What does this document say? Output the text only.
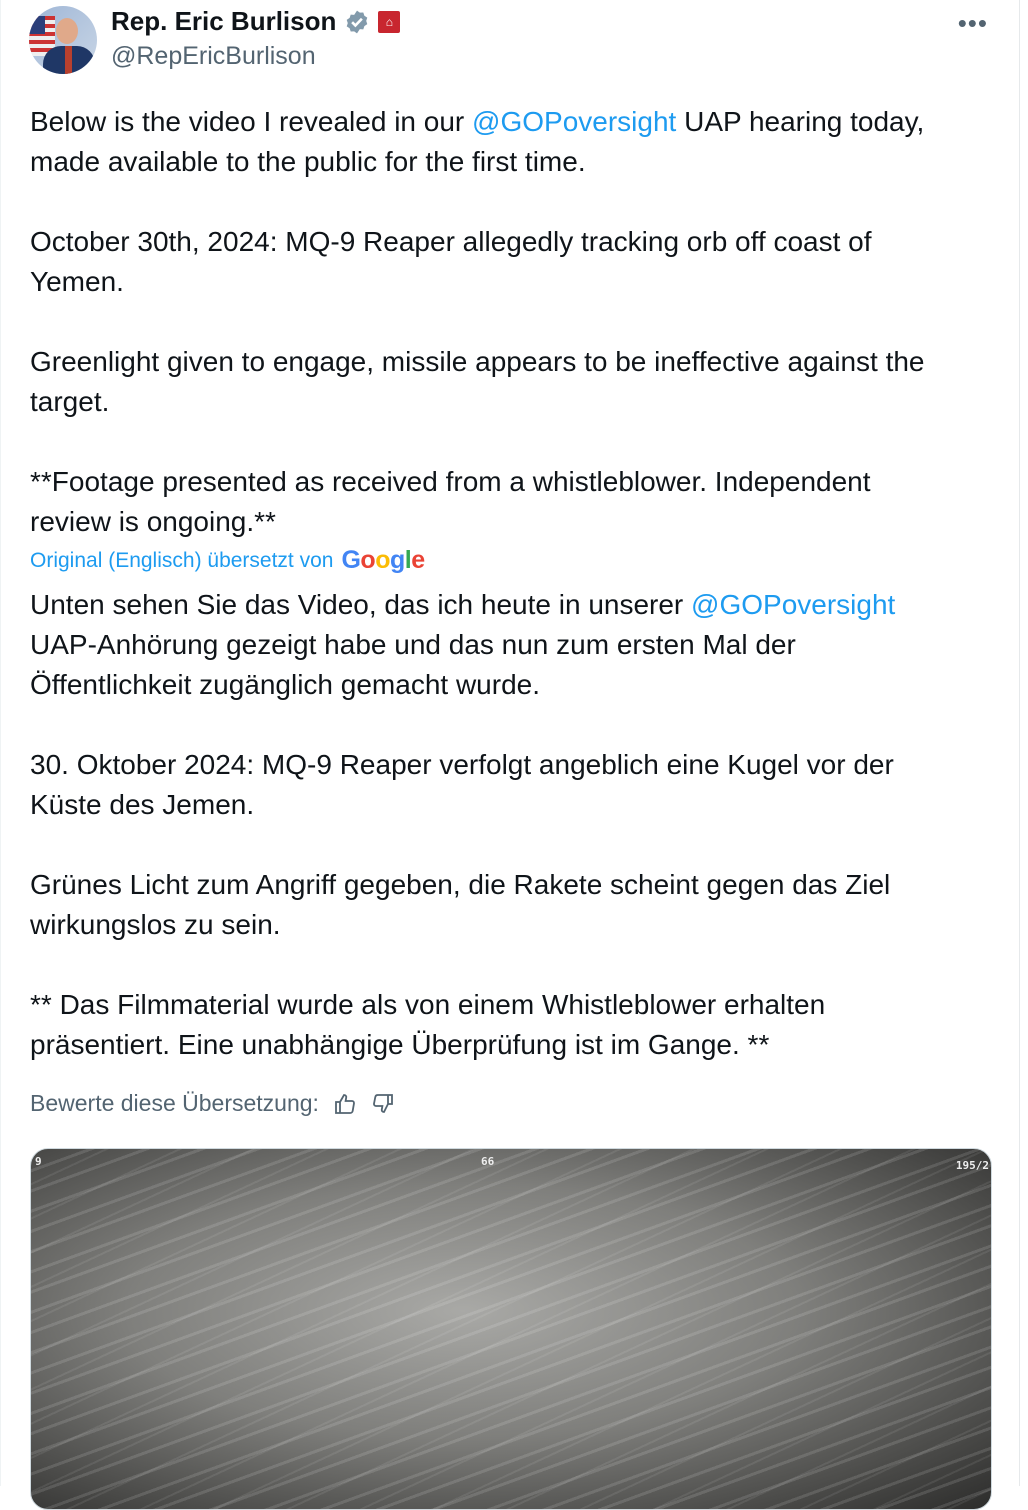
Rep. Eric Burlison	⌂
@RepEricBurlison
•••
Below is the video I revealed in our @GOPoversight UAP hearing today,
made available to the public for the first time.
October 30th, 2024: MQ-9 Reaper allegedly tracking orb off coast of
Yemen.
Greenlight given to engage, missile appears to be ineffective against the
target.
**Footage presented as received from a whistleblower. Independent
review is ongoing.**
Original (Englisch) übersetzt von Google
Unten sehen Sie das Video, das ich heute in unserer @GOPoversight
UAP-Anhörung gezeigt habe und das nun zum ersten Mal der
Öffentlichkeit zugänglich gemacht wurde.
30. Oktober 2024: MQ-9 Reaper verfolgt angeblich eine Kugel vor der
Küste des Jemen.
Grünes Licht zum Angriff gegeben, die Rakete scheint gegen das Ziel
wirkungslos zu sein.
** Das Filmmaterial wurde als von einem Whistleblower erhalten
präsentiert. Eine unabhängige Überprüfung ist im Gange. **
Bewerte diese Übersetzung:
9	66	195/2
